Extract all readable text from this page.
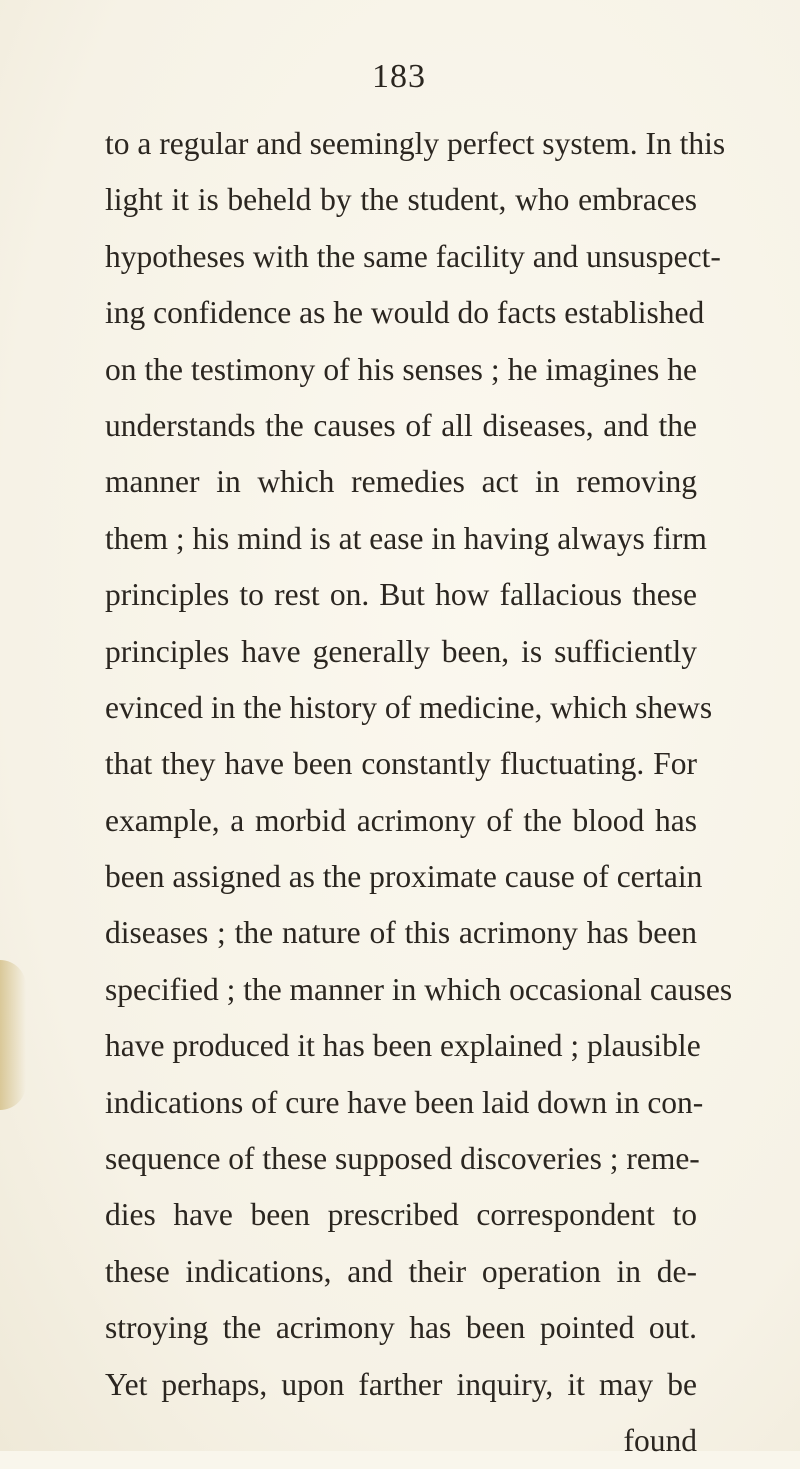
183

to a regular and seemingly perfect system. In this
light it is beheld by the student, who embraces
hypotheses with the same facility and unsuspect-
ing confidence as he would do facts established
on the testimony of his senses ; he imagines he
understands the causes of all diseases, and the
manner in which remedies act in removing
them ; his mind is at ease in having always firm
principles to rest on. But how fallacious these
principles have generally been, is sufficiently
evinced in the history of medicine, which shews
that they have been constantly fluctuating. For
example, a morbid acrimony of the blood has
been assigned as the proximate cause of certain
diseases ; the nature of this acrimony has been
specified ; the manner in which occasional causes
have produced it has been explained ; plausible
indications of cure have been laid down in con-
sequence of these supposed discoveries ; reme-
dies have been prescribed correspondent to
these indications, and their operation in de-
stroying the acrimony has been pointed out.
Yet perhaps, upon farther inquiry, it may be
found
